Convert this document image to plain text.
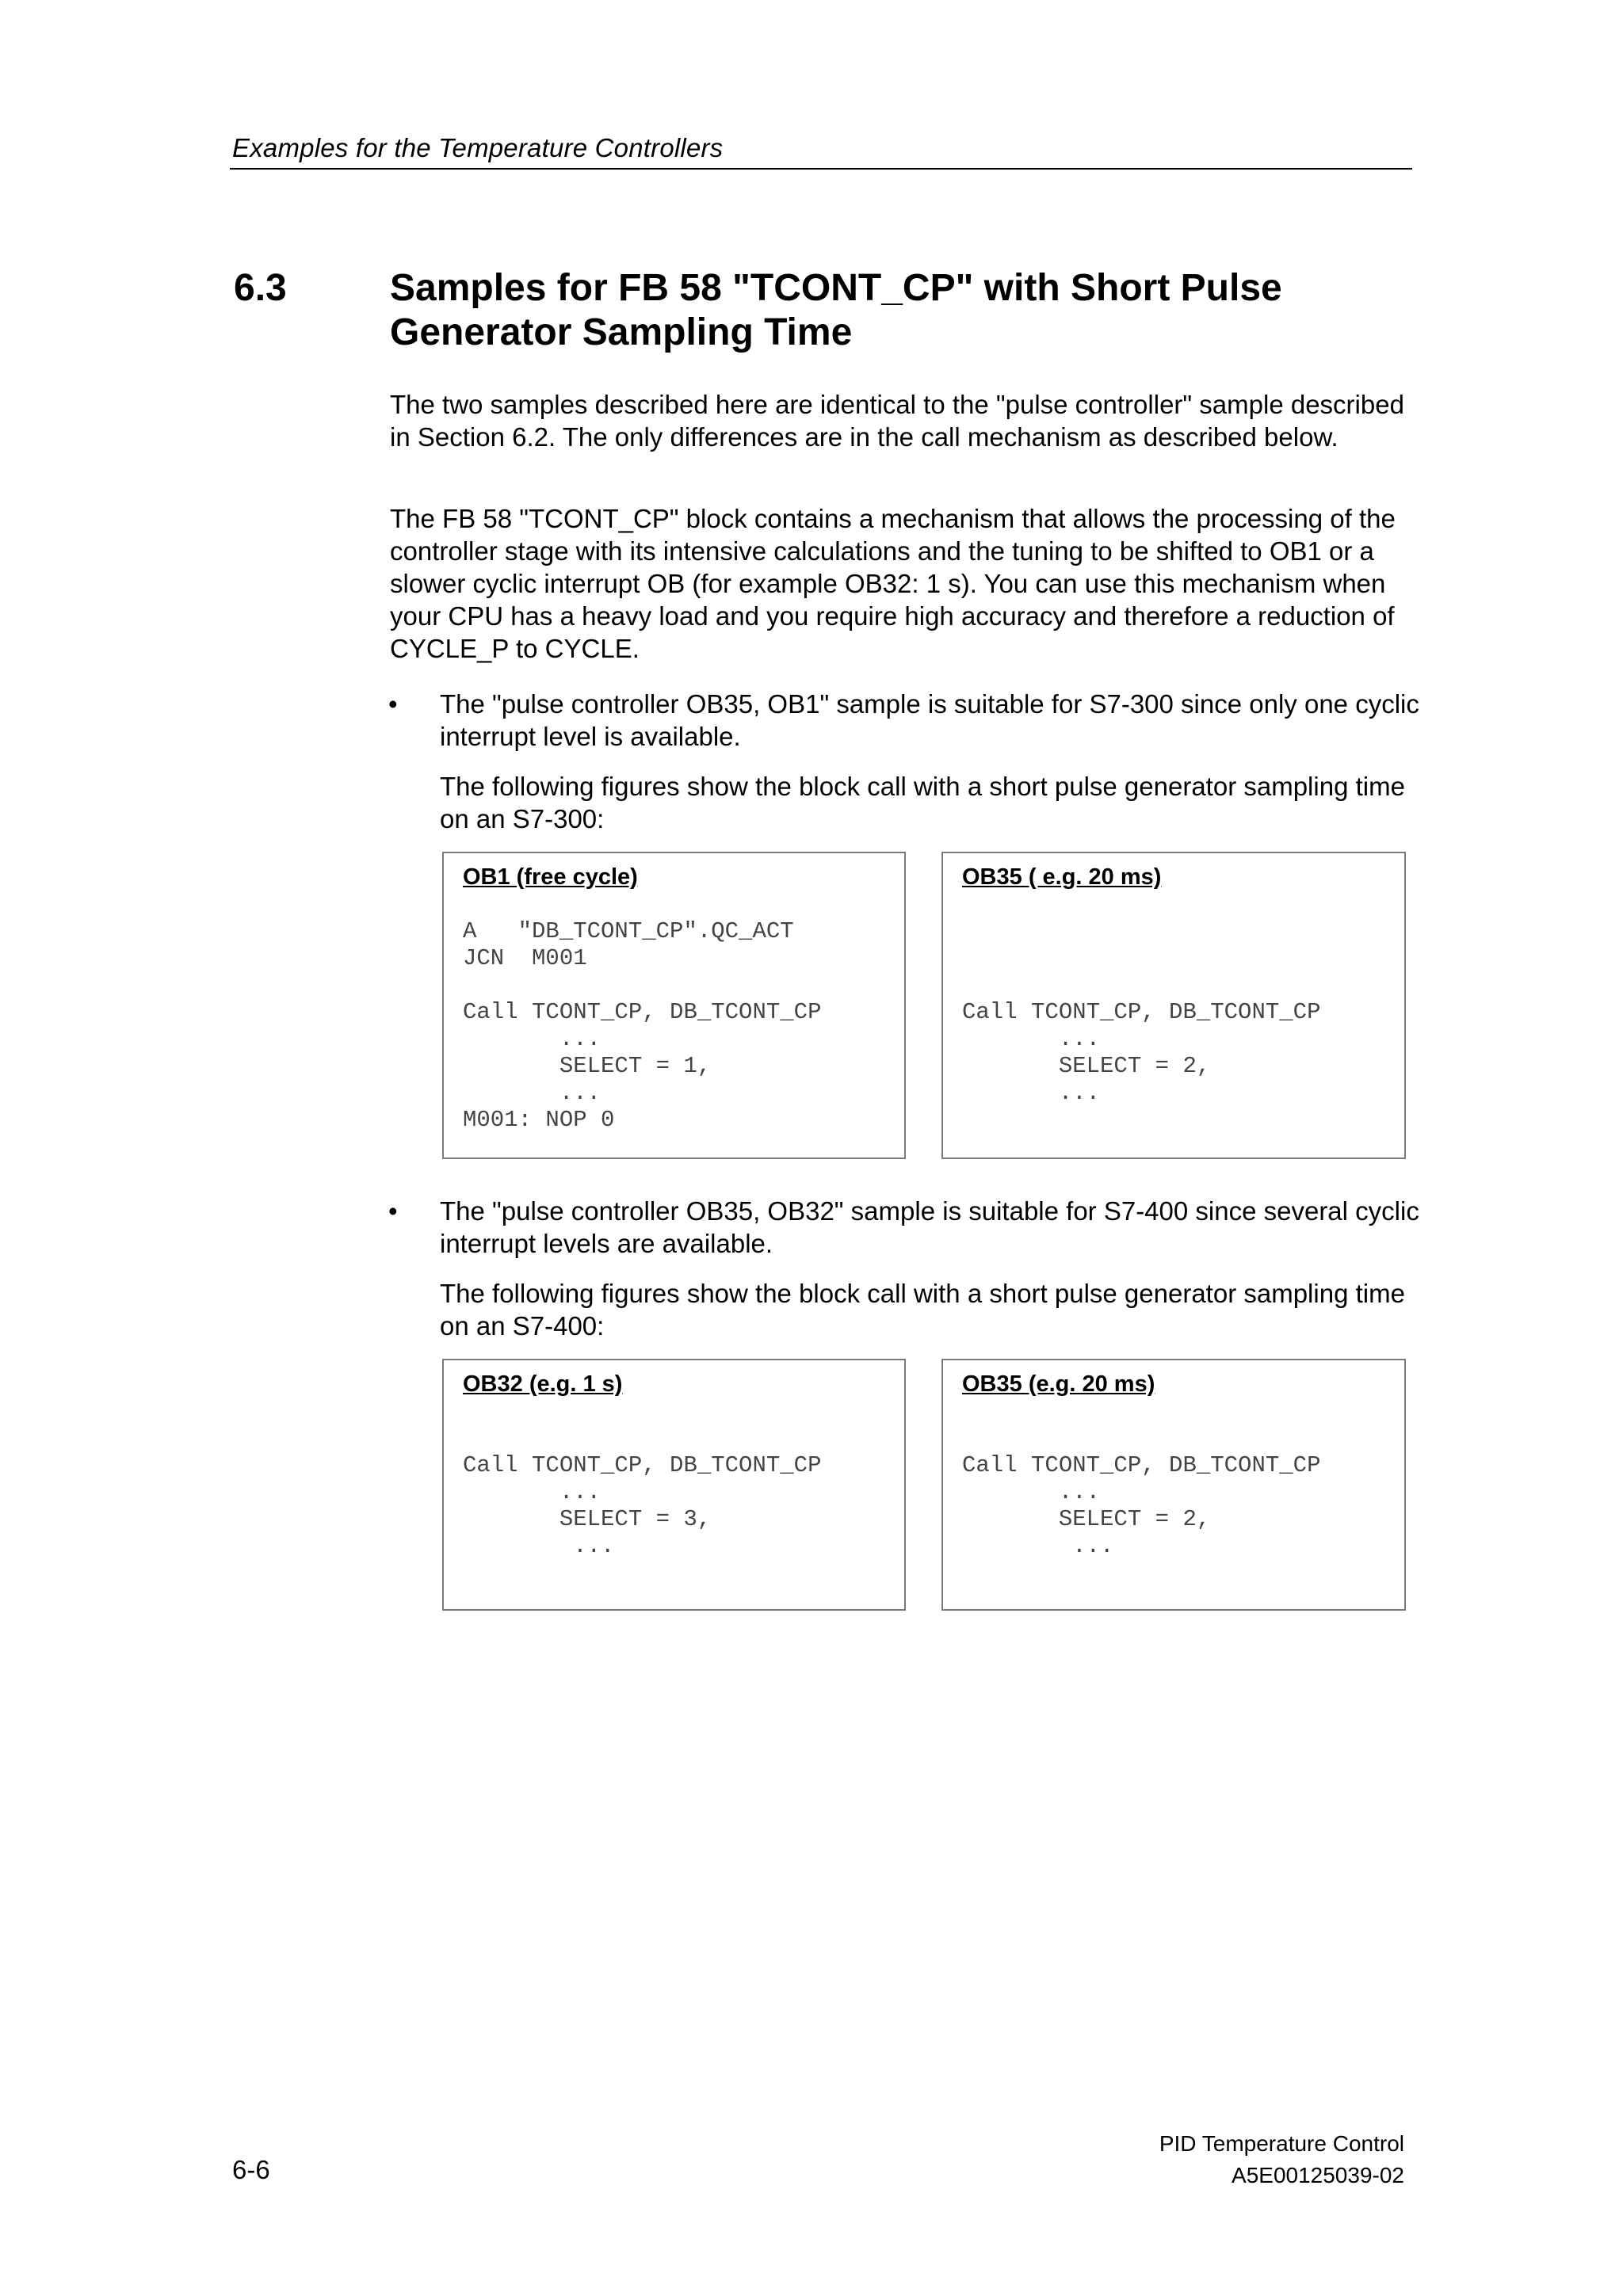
Examples for the Temperature Controllers
6.3	Samples for FB 58 "TCONT_CP" with Short Pulse Generator Sampling Time
The two samples described here are identical to the "pulse controller" sample described in Section 6.2. The only differences are in the call mechanism as described below.
The FB 58 "TCONT_CP" block contains a mechanism that allows the processing of the controller stage with its intensive calculations and the tuning to be shifted to OB1 or a slower cyclic interrupt OB (for example OB32: 1 s). You can use this mechanism when your CPU has a heavy load and you require high accuracy and therefore a reduction of CYCLE_P to CYCLE.
• The "pulse controller OB35, OB1" sample is suitable for S7-300 since only one cyclic interrupt level is available.
The following figures show the block call with a short pulse generator sampling time on an S7-300:
OB1 (free cycle)
A   "DB_TCONT_CP".QC_ACT
JCN  M001

Call TCONT_CP, DB_TCONT_CP
...
SELECT = 1,
...
M001: NOP 0
OB35 ( e.g. 20 ms)

Call TCONT_CP, DB_TCONT_CP
...
SELECT = 2,
...
• The "pulse controller OB35, OB32" sample is suitable for S7-400 since several cyclic interrupt levels are available.
The following figures show the block call with a short pulse generator sampling time on an S7-400:
OB32 (e.g. 1 s)
Call TCONT_CP, DB_TCONT_CP
...
SELECT = 3,
...
OB35 (e.g. 20 ms)
Call TCONT_CP, DB_TCONT_CP
...
SELECT = 2,
...
6-6
PID Temperature Control
A5E00125039-02
